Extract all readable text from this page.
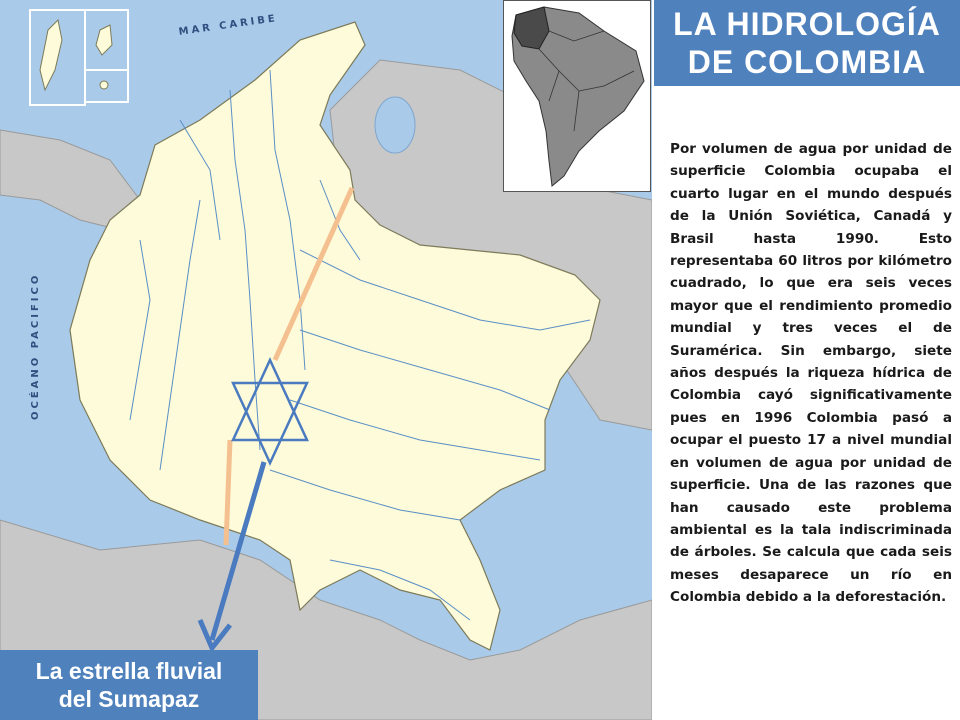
MAR CARIBE
OCÉANO PACIFICO
LA HIDROLOGÍA
DE COLOMBIA

Por volumen de agua por unidad de superficie Colombia ocupaba el cuarto lugar en el mundo después de la Unión Soviética, Canadá y Brasil hasta 1990. Esto representaba 60 litros por kilómetro cuadrado, lo que era seis veces mayor que el rendimiento promedio mundial y tres veces el de Suramérica. Sin embargo, siete años después la riqueza hídrica de Colombia cayó significativamente pues en 1996 Colombia pasó a ocupar el puesto 17 a nivel mundial en volumen de agua por unidad de superficie. Una de las razones que han causado este problema ambiental es la tala indiscriminada de árboles. Se calcula que cada seis meses desaparece un río en Colombia debido a la deforestación.

La estrella fluvial
del Sumapaz
